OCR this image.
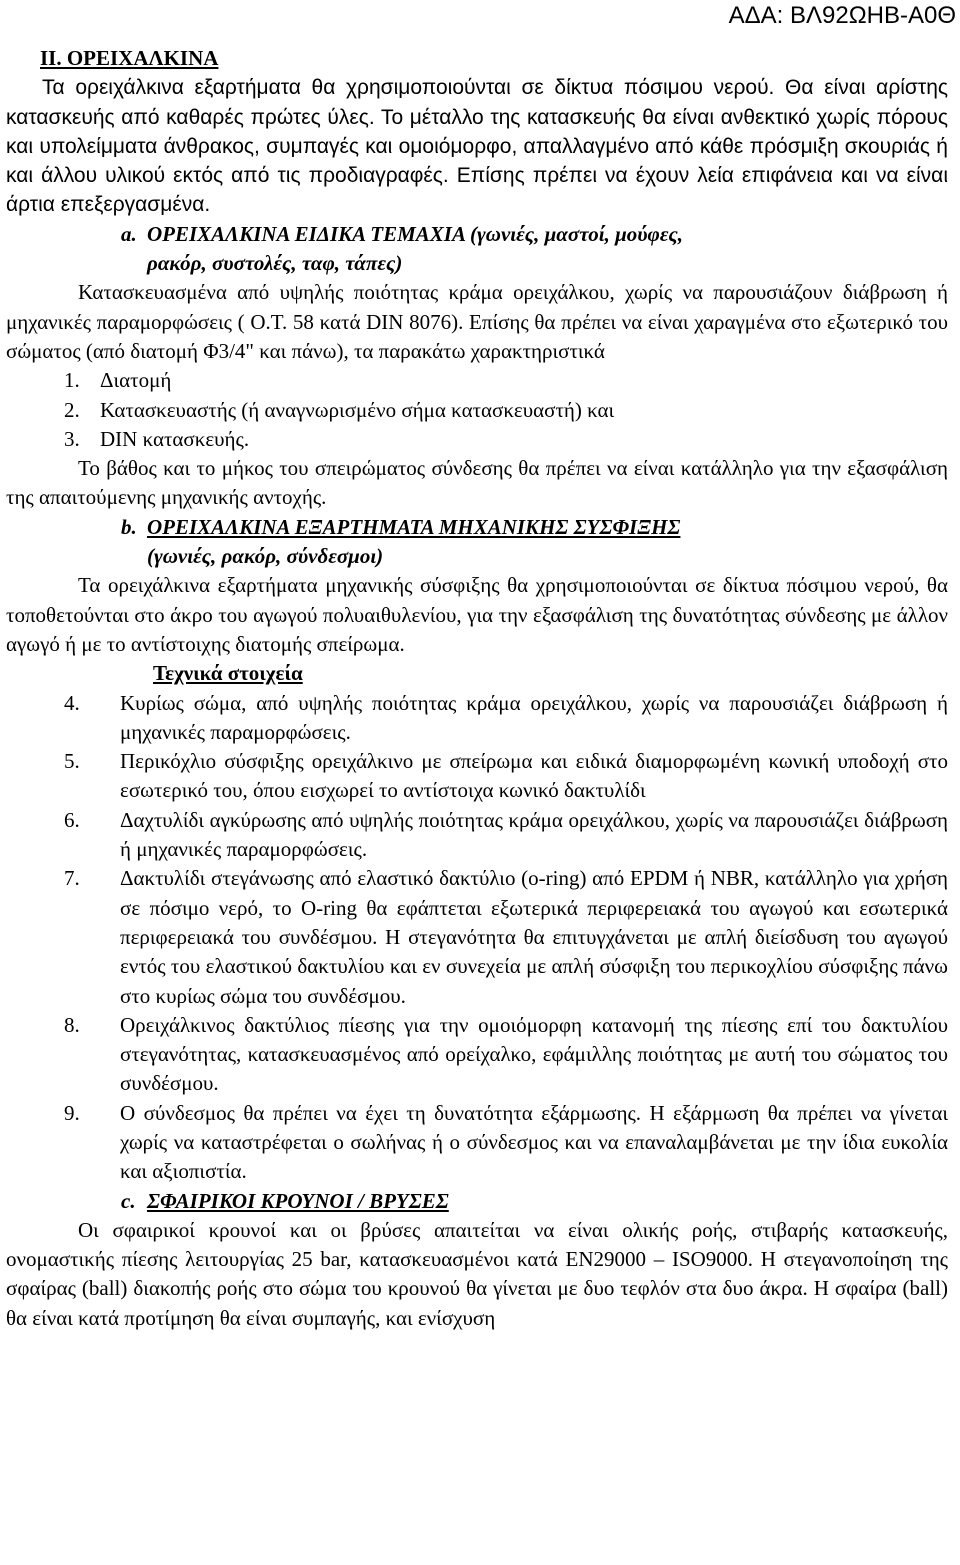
ΑΔΑ: ΒΛ92ΩΗΒ-Α0Θ

ΙΙ. ΟΡΕΙΧΑΛΚΙΝΑ

Τα ορειχάλκινα εξαρτήματα θα χρησιμοποιούνται σε δίκτυα πόσιμου νερού. Θα είναι αρίστης κατασκευής από καθαρές πρώτες ύλες. Το μέταλλο της κατασκευής θα είναι ανθεκτικό χωρίς πόρους και υπολείμματα άνθρακος, συμπαγές και ομοιόμορφο, απαλλαγμένο από κάθε πρόσμιξη σκουριάς ή και άλλου υλικού εκτός από τις προδιαγραφές. Επίσης πρέπει να έχουν λεία επιφάνεια και να είναι άρτια επεξεργασμένα.

a. ΟΡΕΙΧΑΛΚΙΝΑ ΕΙΔΙΚΑ ΤΕΜΑΧΙΑ (γωνιές, μαστοί, μούφες,

ρακόρ, συστολές, ταφ, τάπες)

Κατασκευασμένα από υψηλής ποιότητας κράμα ορειχάλκου, χωρίς να παρουσιάζουν διάβρωση ή μηχανικές παραμορφώσεις ( Ο.Τ. 58 κατά DIN 8076). Επίσης θα πρέπει να είναι χαραγμένα στο εξωτερικό του σώματος (από διατομή Φ3/4" και πάνω), τα παρακάτω χαρακτηριστικά

1. Διατομή
2. Κατασκευαστής (ή αναγνωρισμένο σήμα κατασκευαστή) και
3. DIN κατασκευής.

Το βάθος και το μήκος του σπειρώματος σύνδεσης θα πρέπει να είναι κατάλληλο για την εξασφάλιση της απαιτούμενης μηχανικής αντοχής.

b. ΟΡΕΙΧΑΛΚΙΝΑ ΕΞΑΡΤΗΜΑΤΑ ΜΗΧΑΝΙΚΗΣ ΣΥΣΦΙΞΗΣ

(γωνιές, ρακόρ, σύνδεσμοι)

Τα ορειχάλκινα εξαρτήματα μηχανικής σύσφιξης θα χρησιμοποιούνται σε δίκτυα πόσιμου νερού, θα τοποθετούνται στο άκρο του αγωγού πολυαιθυλενίου, για την εξασφάλιση της δυνατότητας σύνδεσης με άλλον αγωγό ή με το αντίστοιχης διατομής σπείρωμα.

Τεχνικά στοιχεία

4.	Κυρίως σώμα, από υψηλής ποιότητας κράμα ορειχάλκου, χωρίς να παρουσιάζει διάβρωση ή μηχανικές παραμορφώσεις.
5.	Περικόχλιο σύσφιξης ορειχάλκινο με σπείρωμα και ειδικά διαμορφωμένη κωνική υποδοχή στο εσωτερικό του, όπου εισχωρεί το αντίστοιχα κωνικό δακτυλίδι
6.	Δαχτυλίδι αγκύρωσης από υψηλής ποιότητας κράμα ορειχάλκου, χωρίς να παρουσιάζει διάβρωση ή μηχανικές παραμορφώσεις.
7.	Δακτυλίδι στεγάνωσης από ελαστικό δακτύλιο (o-ring) από EPDM ή NBR, κατάλληλο για χρήση σε πόσιμο νερό, το O-ring θα εφάπτεται εξωτερικά περιφερειακά του αγωγού και εσωτερικά περιφερειακά του συνδέσμου. Η στεγανότητα θα επιτυγχάνεται με απλή διείσδυση του αγωγού εντός του ελαστικού δακτυλίου και εν συνεχεία με απλή σύσφιξη του περικοχλίου σύσφιξης πάνω στο κυρίως σώμα του συνδέσμου.
8.	Ορειχάλκινος δακτύλιος πίεσης για την ομοιόμορφη κατανομή της πίεσης επί του δακτυλίου στεγανότητας, κατασκευασμένος από ορείχαλκο, εφάμιλλης ποιότητας με αυτή του σώματος του συνδέσμου.
9.	Ο σύνδεσμος θα πρέπει να έχει τη δυνατότητα εξάρμωσης. Η εξάρμωση θα πρέπει να γίνεται χωρίς να καταστρέφεται ο σωλήνας ή ο σύνδεσμος και να επαναλαμβάνεται με την ίδια ευκολία και αξιοπιστία.

c. ΣΦΑΙΡΙΚΟΙ ΚΡΟΥΝΟΙ / ΒΡΥΣΕΣ

Οι σφαιρικοί κρουνοί και οι βρύσες απαιτείται να είναι ολικής ροής, στιβαρής κατασκευής, ονομαστικής πίεσης λειτουργίας 25 bar, κατασκευασμένοι κατά EN29000 – ISO9000. Η στεγανοποίηση της σφαίρας (ball) διακοπής ροής στο σώμα του κρουνού θα γίνεται με δυο τεφλόν στα δυο άκρα. Η σφαίρα (ball) θα είναι κατά προτίμηση θα είναι συμπαγής, και ενίσχυση
